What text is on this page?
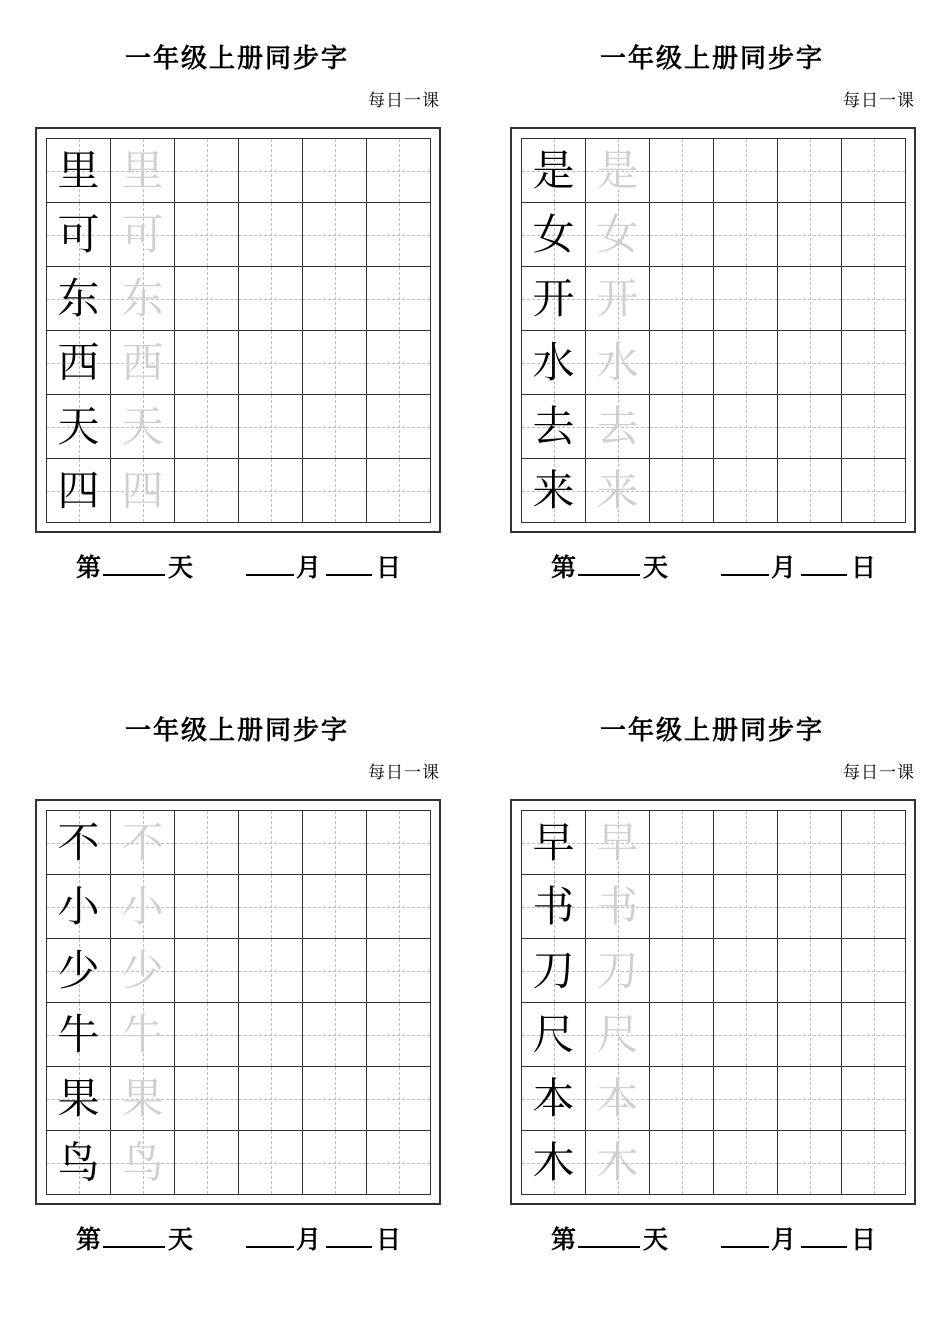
一年级上册同步字
每日一课
里 里
可 可
东 东
西 西
天 天
四 四
第	天	月 日
一年级上册同步字
每日一课
是 是
女 女
开 开
水 水
去 去
来 来
第	天	月 日
一年级上册同步字
每日一课
不 不
小 小
少 少
牛 牛
果 果
鸟 鸟
第	天	月 日
一年级上册同步字
每日一课
早 早
书 书
刀 刀
尺 尺
本 本
木 木
第	天	月 日
